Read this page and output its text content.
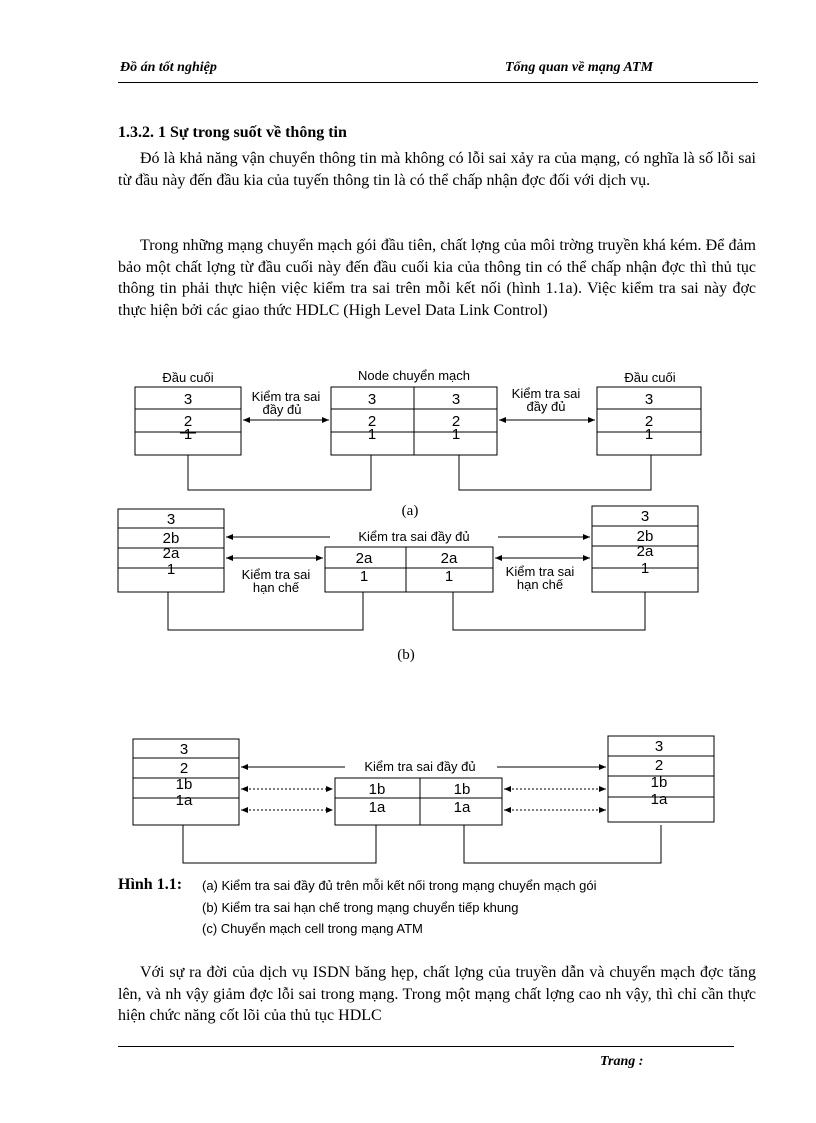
Đồ án tốt nghiệp	Tổng quan về mạng ATM
1.3.2. 1 Sự trong suốt về thông tin

Đó là khả năng vận chuyển thông tin mà không có lỗi sai xảy ra của mạng, có nghĩa là số lỗi sai từ đầu này đến đầu kia của tuyến thông tin là có thể chấp nhận đợc đối với dịch vụ.

Trong những mạng chuyển mạch gói đầu tiên, chất lợng của môi trờng truyền khá kém. Để đảm bảo một chất lợng từ đầu cuối này đến đầu cuối kia của thông tin có thể chấp nhận đợc thì thủ tục thông tin phải thực hiện việc kiểm tra sai trên mỗi kết nối (hình 1.1a). Việc kiểm tra sai này đợc thực hiện bởi các giao thức HDLC (High Level Data Link Control)

Đầu cuối	Node chuyển mạch	Đầu cuối
Kiểm tra sai
đầy đủ
Kiểm tra sai
đầy đủ
3
2
1
3
2
1
3
2
1
3
2
1
(a)
3
2b
2a
1
2a
1
2a
1
3
2b
2a
1
Kiểm tra sai đầy đủ
Kiểm tra sai
hạn chế
Kiểm tra sai
hạn chế
(b)
3
2
1b
1a
1b
1a
1b
1a
3
2
1b
1a
Kiểm tra sai đầy đủ
Hình 1.1: (a) Kiểm tra sai đầy đủ trên mỗi kết nối trong mạng chuyển mạch gói
(b) Kiểm tra sai hạn chế trong mạng chuyển tiếp khung
(c) Chuyển mạch cell trong mạng ATM

Với sự ra đời của dịch vụ ISDN băng hẹp, chất lợng của truyền dẫn và chuyển mạch đợc tăng lên, và nh vậy giảm đợc lỗi sai trong mạng. Trong một mạng chất lợng cao nh vậy, thì chỉ cần thực hiện chức năng cốt lõi của thủ tục HDLC

Trang :
